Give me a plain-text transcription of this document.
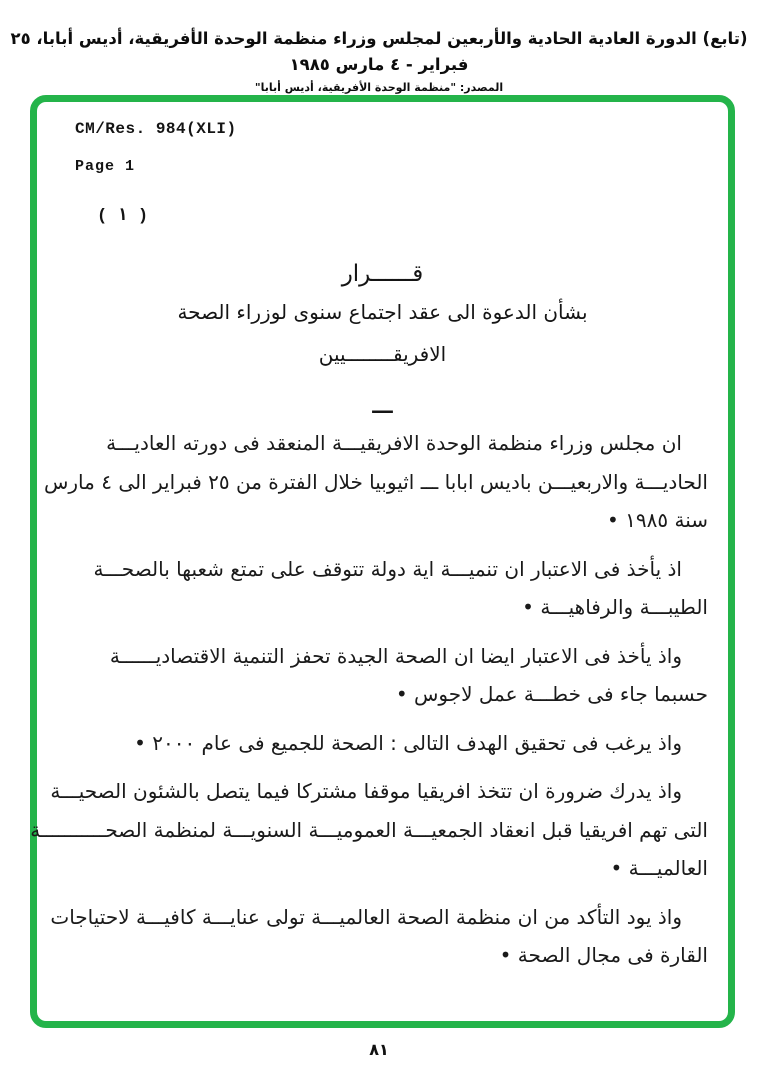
(تابع) الدورة العادية الحادية والأربعين لمجلس وزراء منظمة الوحدة الأفريقية، أديس أبابا، ٢٥ فبراير - ٤ مارس ١٩٨٥
المصدر: "منظمة الوحدة الأفريقية، أديس أبابا"
CM/Res. 984(XLI)
Page 1
( ١ )
قــــــرار
بشأن الدعوة الى عقد اجتماع سنوى لوزراء الصحة
الافريقــــــــيين
ـــ
ان مجلس وزراء منظمة الوحدة الافريقيـــة المنعقد فى دورته العاديـــة
الحاديـــة والاربعيـــن باديس ابابا ـــ اثيوبيا خلال الفترة من ٢٥ فبراير الى ٤ مارس
سنة ١٩٨٥ •
اذ يأخذ فى الاعتبار ان تنميـــة اية دولة تتوقف على تمتع شعبها بالصحـــة
الطيبـــة والرفاهيـــة •
واذ يأخذ فى الاعتبار ايضا ان الصحة الجيدة تحفز التنمية الاقتصاديــــــة
حسبما جاء فى خطـــة عمل لاجوس •
واذ يرغب فى تحقيق الهدف التالى : الصحة للجميع فى عام ٢٠٠٠ •
واذ يدرك ضرورة ان تتخذ افريقيا موقفا مشتركا فيما يتصل بالشئون الصحيـــة
التى تهم افريقيا قبل انعقاد الجمعيـــة العموميـــة السنويـــة لمنظمة الصحـــــــــــة
العالميـــة •
واذ يود التأكد من ان منظمة الصحة العالميـــة تولى عنايـــة كافيـــة لاحتياجات
القارة فى مجال الصحة •
٨١
